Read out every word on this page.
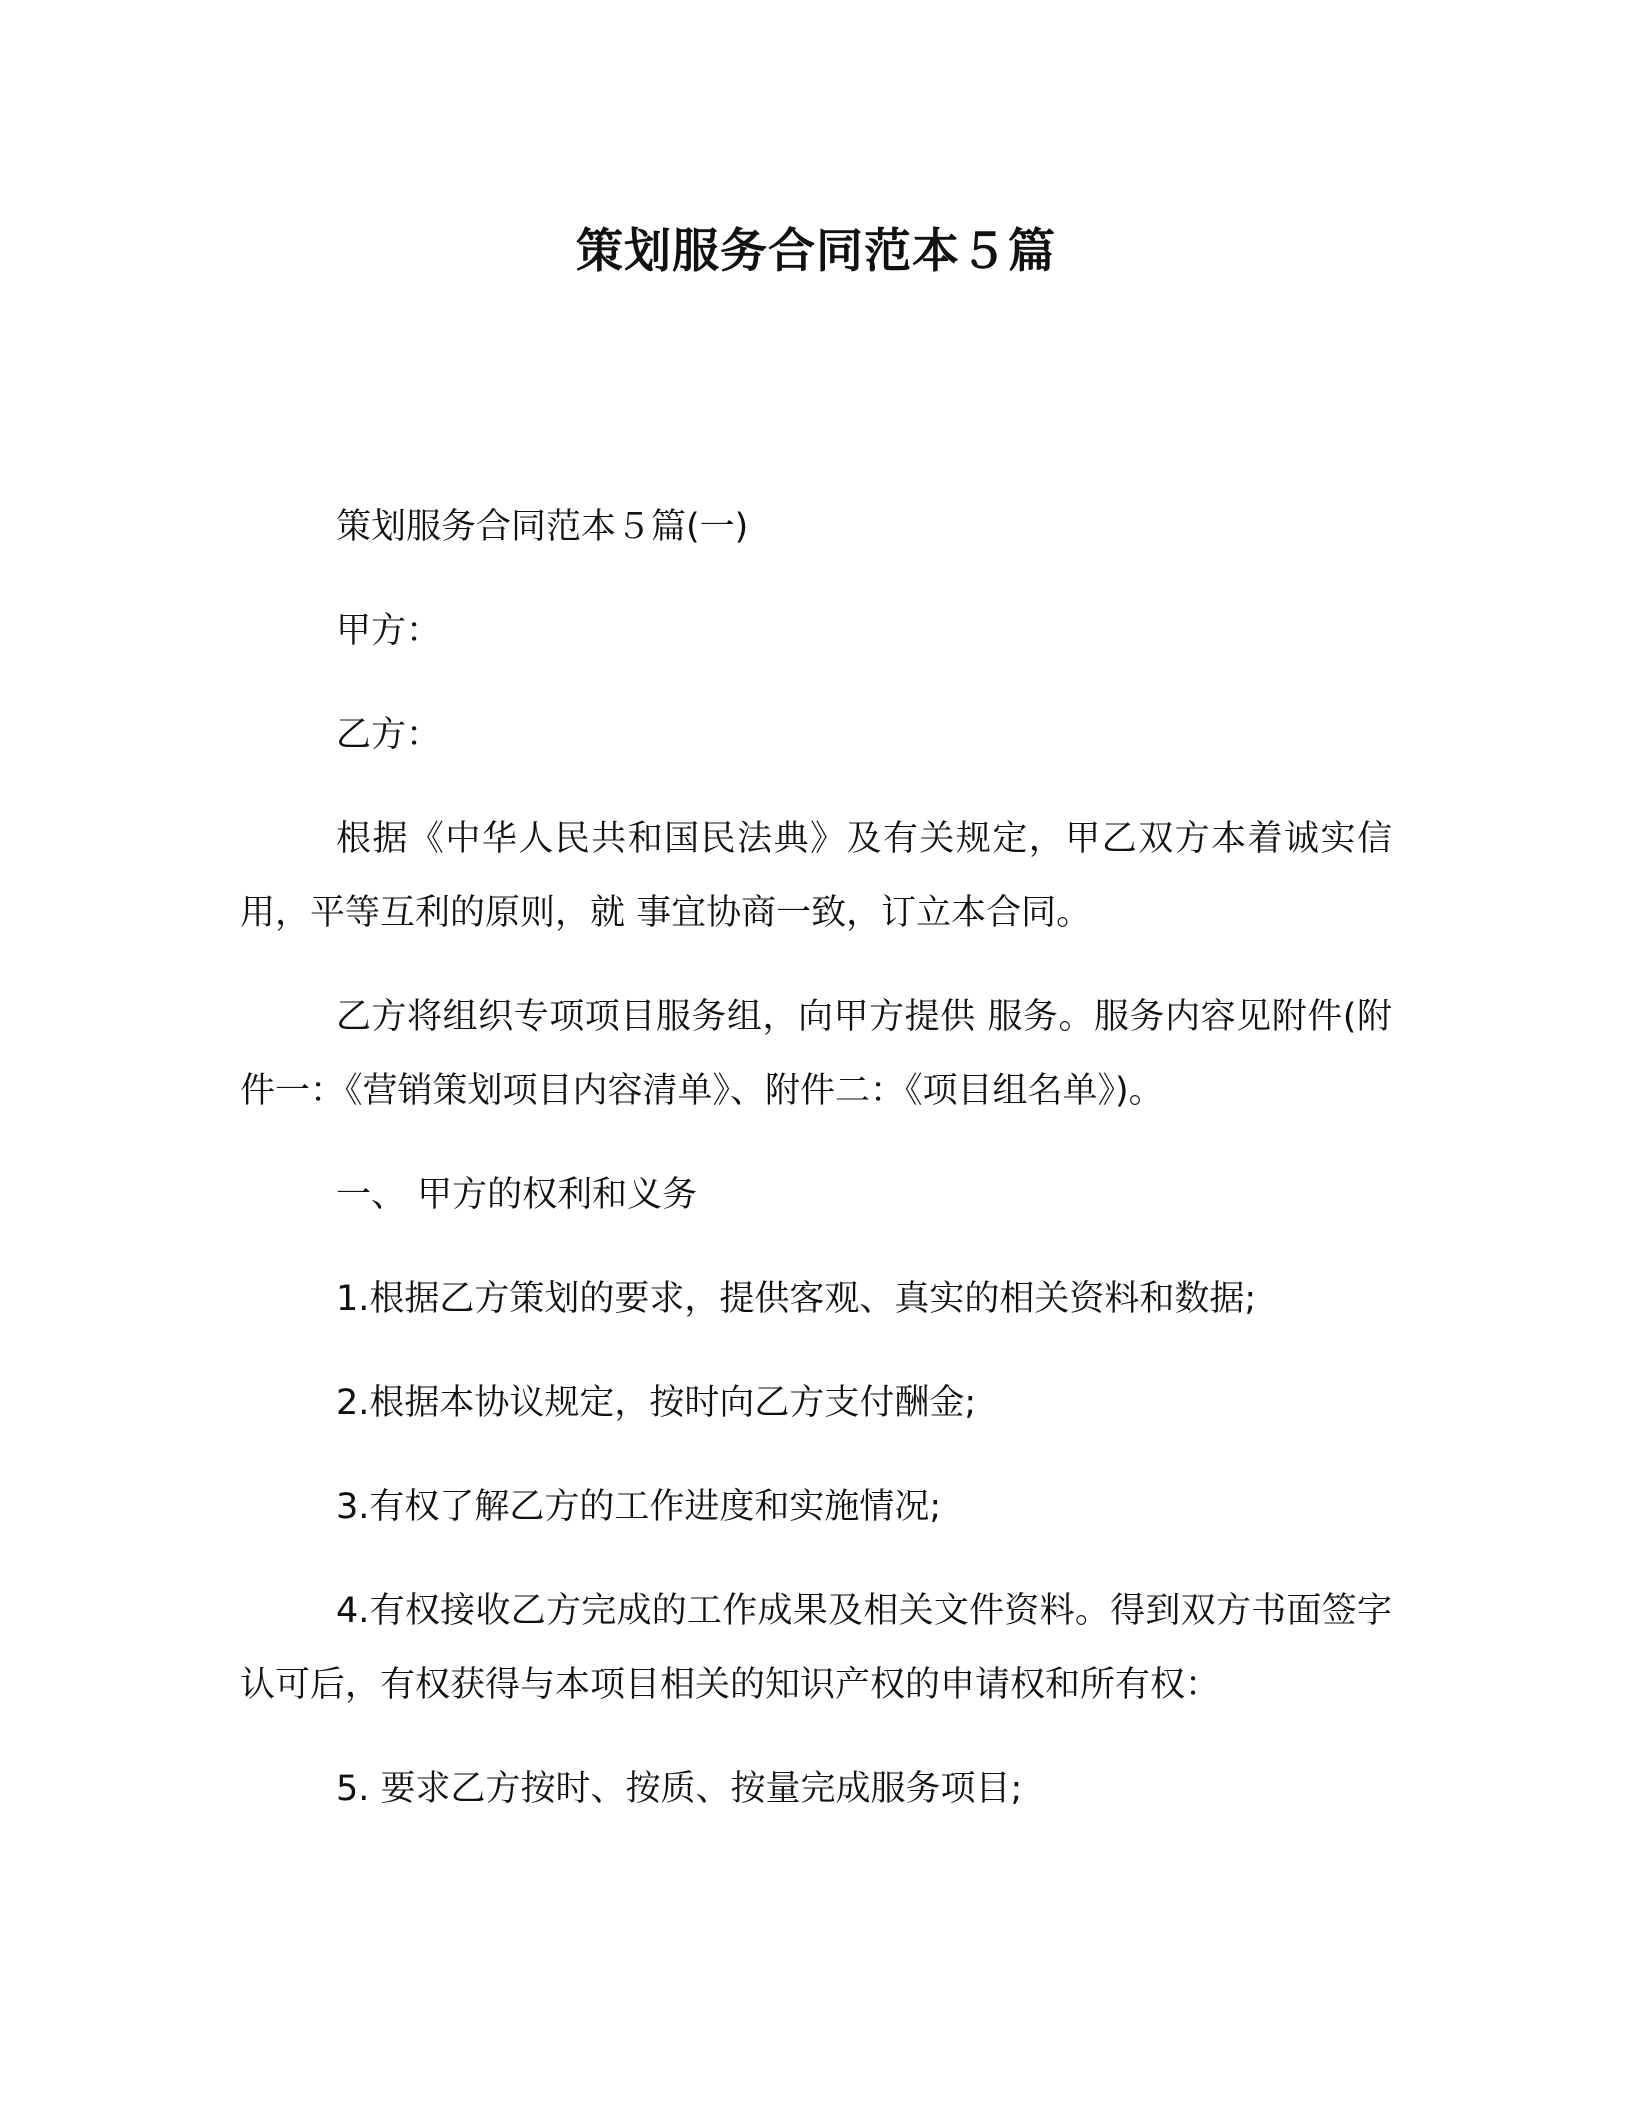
策划服务合同范本５篇

策划服务合同范本５篇(一)

甲方：

乙方：

根据《中华人民共和国民法典》及有关规定，甲乙双方本着诚实信用，平等互利的原则，就 事宜协商一致，订立本合同。

乙方将组织专项项目服务组，向甲方提供 服务。服务内容见附件(附件一：《营销策划项目内容清单》、附件二：《项目组名单》)。

一、 甲方的权利和义务

1.根据乙方策划的要求，提供客观、真实的相关资料和数据;

2.根据本协议规定，按时向乙方支付酬金;

3.有权了解乙方的工作进度和实施情况;

4.有权接收乙方完成的工作成果及相关文件资料。得到双方书面签字认可后，有权获得与本项目相关的知识产权的申请权和所有权：

5. 要求乙方按时、按质、按量完成服务项目;
